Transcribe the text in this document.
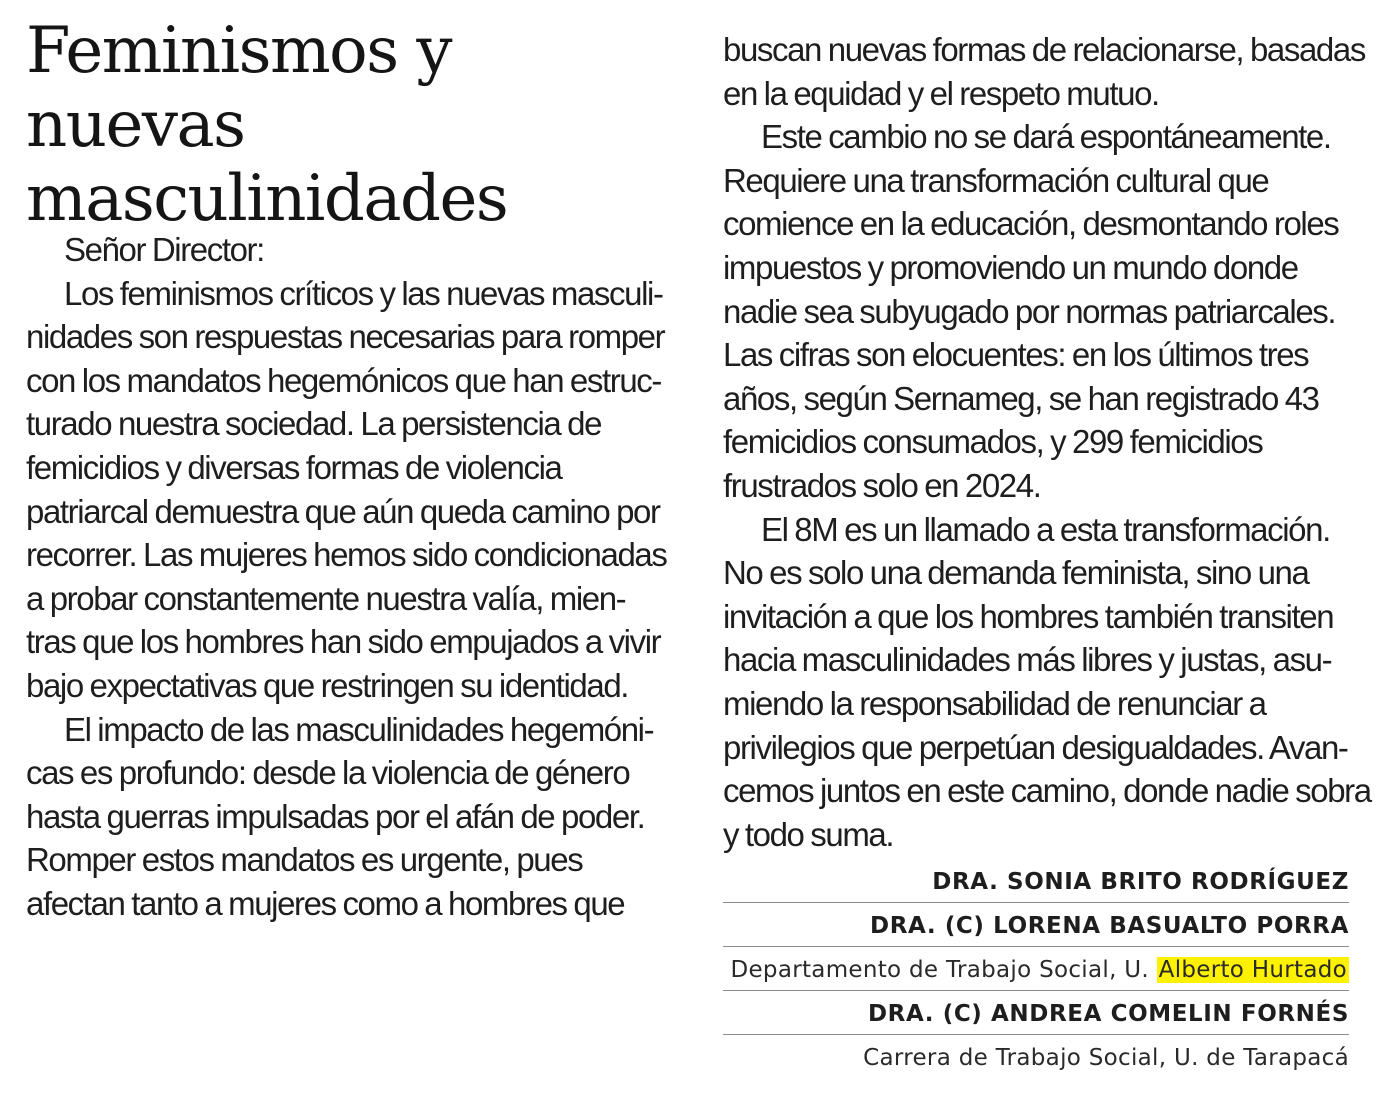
Feminismos y nuevas
masculinidades
Señor Director:
Los feminismos críticos y las nuevas masculi-
nidades son respuestas necesarias para romper
con los mandatos hegemónicos que han estruc-
turado nuestra sociedad. La persistencia de
femicidios y diversas formas de violencia
patriarcal demuestra que aún queda camino por
recorrer. Las mujeres hemos sido condicionadas
a probar constantemente nuestra valía, mien-
tras que los hombres han sido empujados a vivir
bajo expectativas que restringen su identidad.
El impacto de las masculinidades hegemóni-
cas es profundo: desde la violencia de género
hasta guerras impulsadas por el afán de poder.
Romper estos mandatos es urgente, pues
afectan tanto a mujeres como a hombres que
buscan nuevas formas de relacionarse, basadas
en la equidad y el respeto mutuo.
Este cambio no se dará espontáneamente.
Requiere una transformación cultural que
comience en la educación, desmontando roles
impuestos y promoviendo un mundo donde
nadie sea subyugado por normas patriarcales.
Las cifras son elocuentes: en los últimos tres
años, según Sernameg, se han registrado 43
femicidios consumados, y 299 femicidios
frustrados solo en 2024.
El 8M es un llamado a esta transformación.
No es solo una demanda feminista, sino una
invitación a que los hombres también transiten
hacia masculinidades más libres y justas, asu-
miendo la responsabilidad de renunciar a
privilegios que perpetúan desigualdades. Avan-
cemos juntos en este camino, donde nadie sobra
y todo suma.
DRA. SONIA BRITO RODRÍGUEZ
DRA. (C) LORENA BASUALTO PORRA
Departamento de Trabajo Social, U. Alberto Hurtado
DRA. (C) ANDREA COMELIN FORNÉS
Carrera de Trabajo Social, U. de Tarapacá
